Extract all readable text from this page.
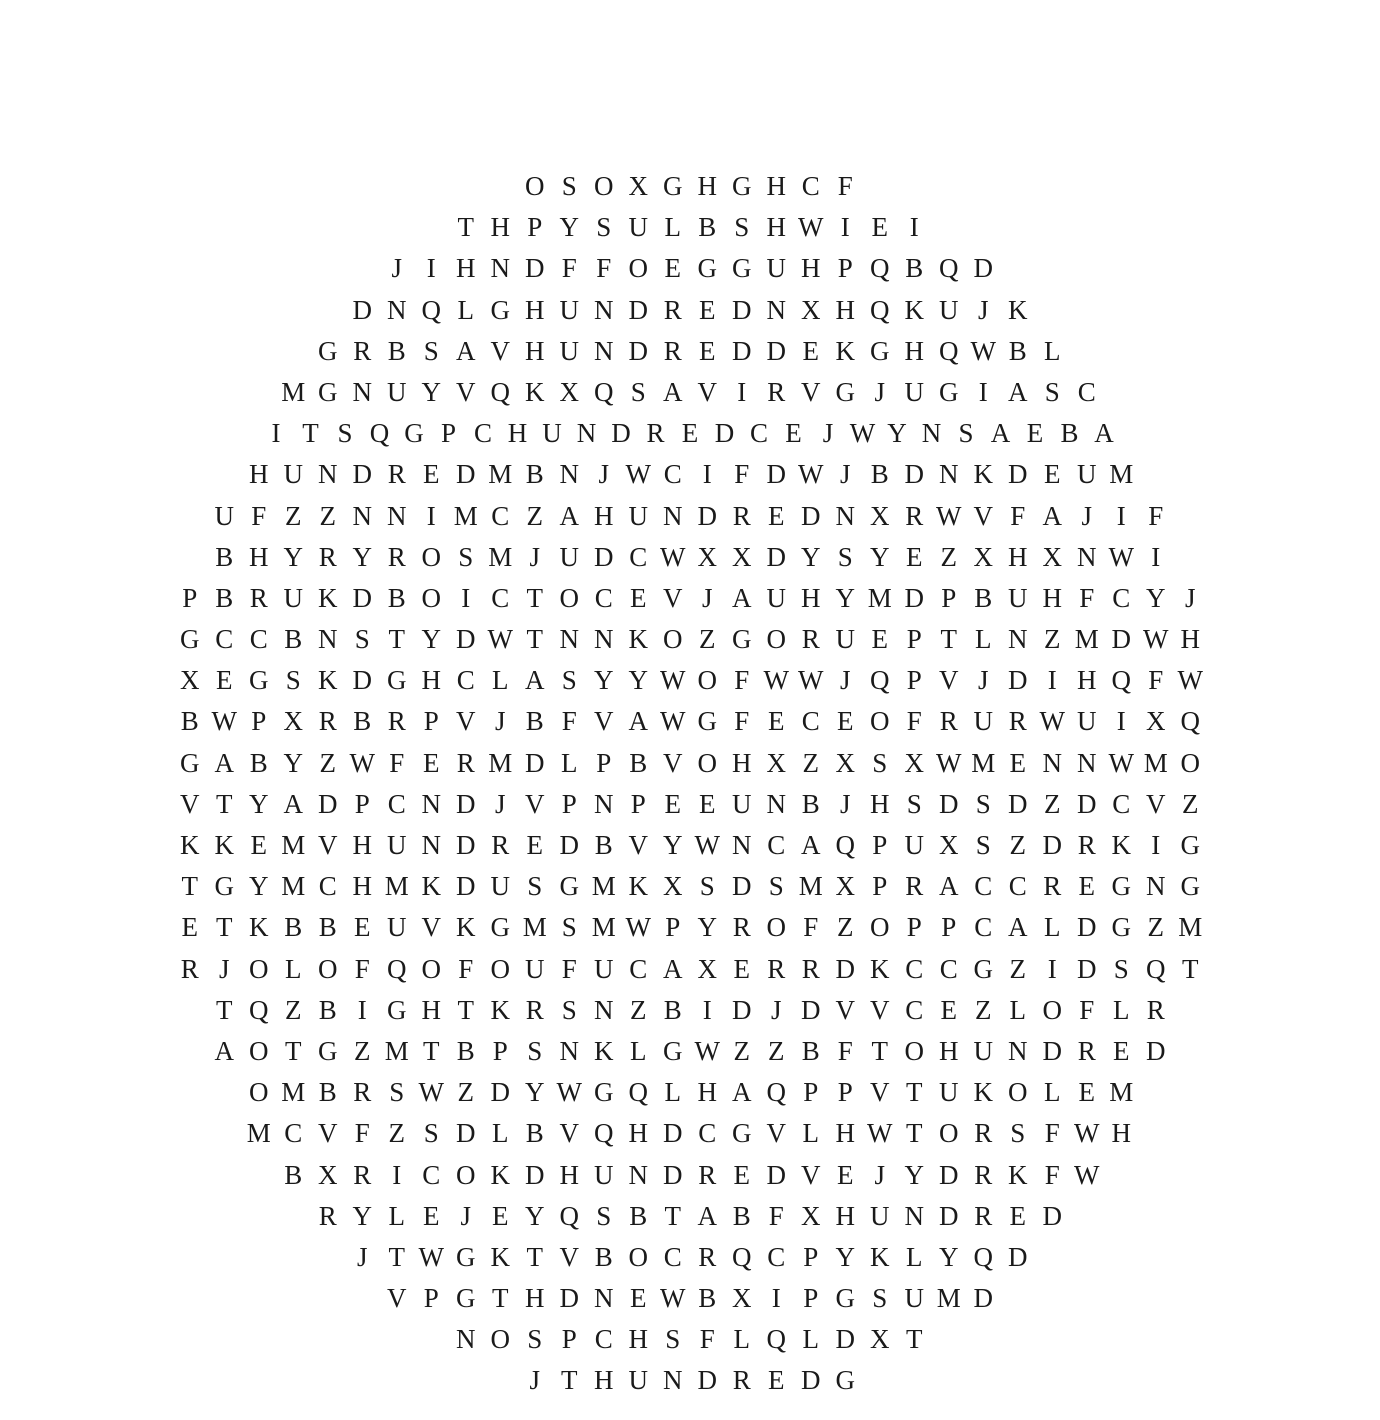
O S O X G H G H C F
T H P Y S U L B S H W I E I
J I H N D F F O E G G U H P Q B Q D
D N Q L G H U N D R E D N X H Q K U J K
G R B S A V H U N D R E D D E K G H Q W B L
M G N U Y V Q K X Q S A V I R V G J U G I A S C
I T S Q G P C H U N D R E D C E J W Y N S A E B A
H U N D R E D M B N J W C I F D W J B D N K D E U M
U F Z Z N N I M C Z A H U N D R E D N X R W V F A J I F
B H Y R Y R O S M J U D C W X X D Y S Y E Z X H X N W I
P B R U K D B O I C T O C E V J A U H Y M D P B U H F C Y J
G C C B N S T Y D W T N N K O Z G O R U E P T L N Z M D W H
X E G S K D G H C L A S Y Y W O F W W J Q P V J D I H Q F W
B W P X R B R P V J B F V A W G F E C E O F R U R W U I X Q
G A B Y Z W F E R M D L P B V O H X Z X S X W M E N N W M O
V T Y A D P C N D J V P N P E E U N B J H S D S D Z D C V Z
K K E M V H U N D R E D B V Y W N C A Q P U X S Z D R K I G
T G Y M C H M K D U S G M K X S D S M X P R A C C R E G N G
E T K B B E U V K G M S M W P Y R O F Z O P P C A L D G Z M
R J O L O F Q O F O U F U C A X E R R D K C C G Z I D S Q T
T Q Z B I G H T K R S N Z B I D J D V V C E Z L O F L R
A O T G Z M T B P S N K L G W Z Z B F T O H U N D R E D
O M B R S W Z D Y W G Q L H A Q P P V T U K O L E M
M C V F Z S D L B V Q H D C G V L H W T O R S F W H
B X R I C O K D H U N D R E D V E J Y D R K F W
R Y L E J E Y Q S B T A B F X H U N D R E D
J T W G K T V B O C R Q C P Y K L Y Q D
V P G T H D N E W B X I P G S U M D
N O S P C H S F L Q L D X T
J T H U N D R E D G
